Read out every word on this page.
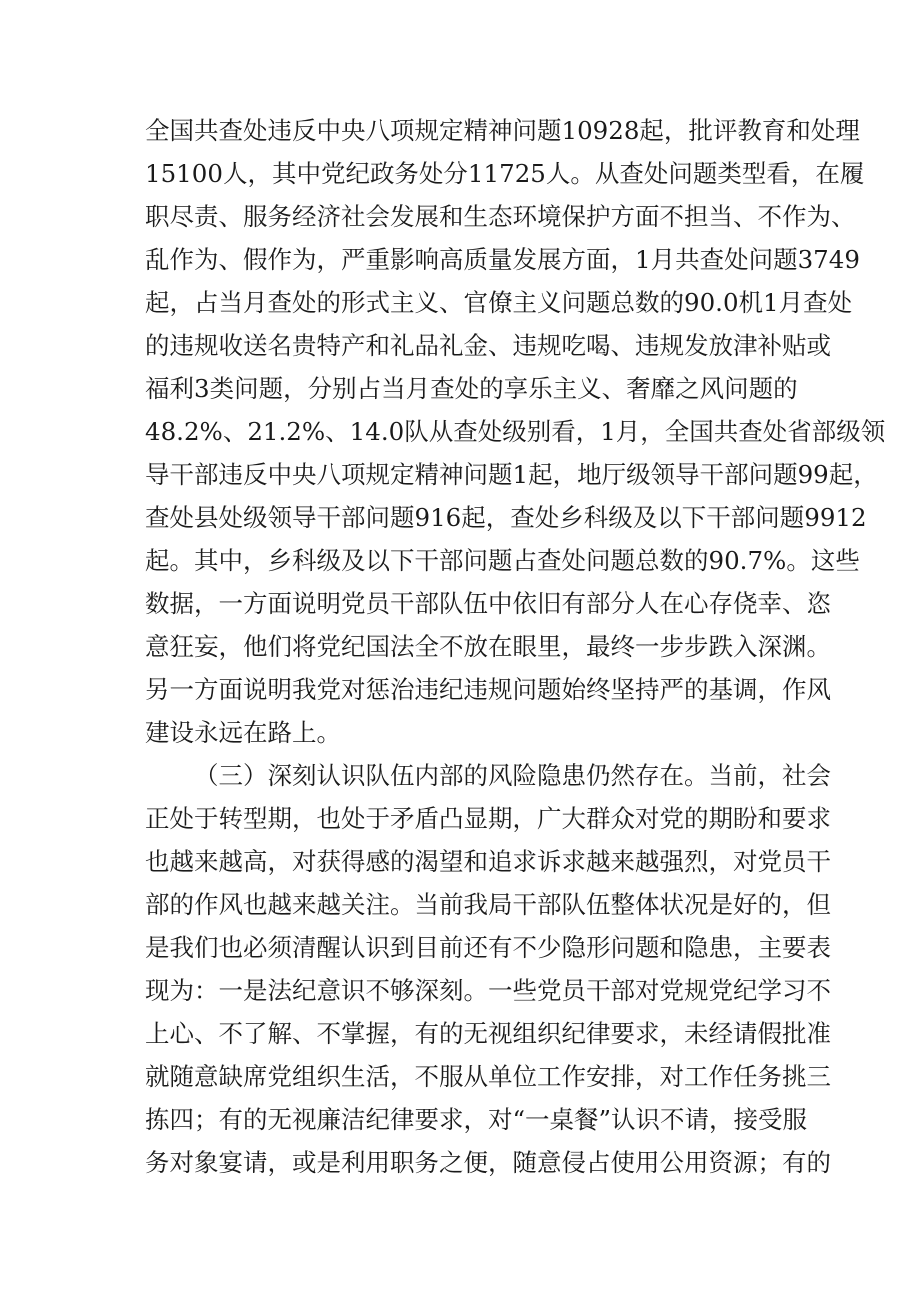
全国共查处违反中央八项规定精神问题10928起，批评教育和处理
15100人，其中党纪政务处分11725人。从查处问题类型看，在履
职尽责、服务经济社会发展和生态环境保护方面不担当、不作为、
乱作为、假作为，严重影响高质量发展方面，1月共查处问题3749
起，占当月查处的形式主义、官僚主义问题总数的90.0机1月查处
的违规收送名贵特产和礼品礼金、违规吃喝、违规发放津补贴或
福利3类问题，分别占当月查处的享乐主义、奢靡之风问题的
48.2%、21.2%、14.0队从查处级别看，1月，全国共查处省部级领
导干部违反中央八项规定精神问题1起，地厅级领导干部问题99起，
查处县处级领导干部问题916起，查处乡科级及以下干部问题9912
起。其中，乡科级及以下干部问题占查处问题总数的90.7%。这些
数据，一方面说明党员干部队伍中依旧有部分人在心存侥幸、恣
意狂妄，他们将党纪国法全不放在眼里，最终一步步跌入深渊。
另一方面说明我党对惩治违纪违规问题始终坚持严的基调，作风
建设永远在路上。
（三）深刻认识队伍内部的风险隐患仍然存在。当前，社会
正处于转型期，也处于矛盾凸显期，广大群众对党的期盼和要求
也越来越高，对获得感的渴望和追求诉求越来越强烈，对党员干
部的作风也越来越关注。当前我局干部队伍整体状况是好的，但
是我们也必须清醒认识到目前还有不少隐形问题和隐患，主要表
现为：一是法纪意识不够深刻。一些党员干部对党规党纪学习不
上心、不了解、不掌握，有的无视组织纪律要求，未经请假批准
就随意缺席党组织生活，不服从单位工作安排，对工作任务挑三
拣四；有的无视廉洁纪律要求，对“一桌餐”认识不请，接受服
务对象宴请，或是利用职务之便，随意侵占使用公用资源；有的
